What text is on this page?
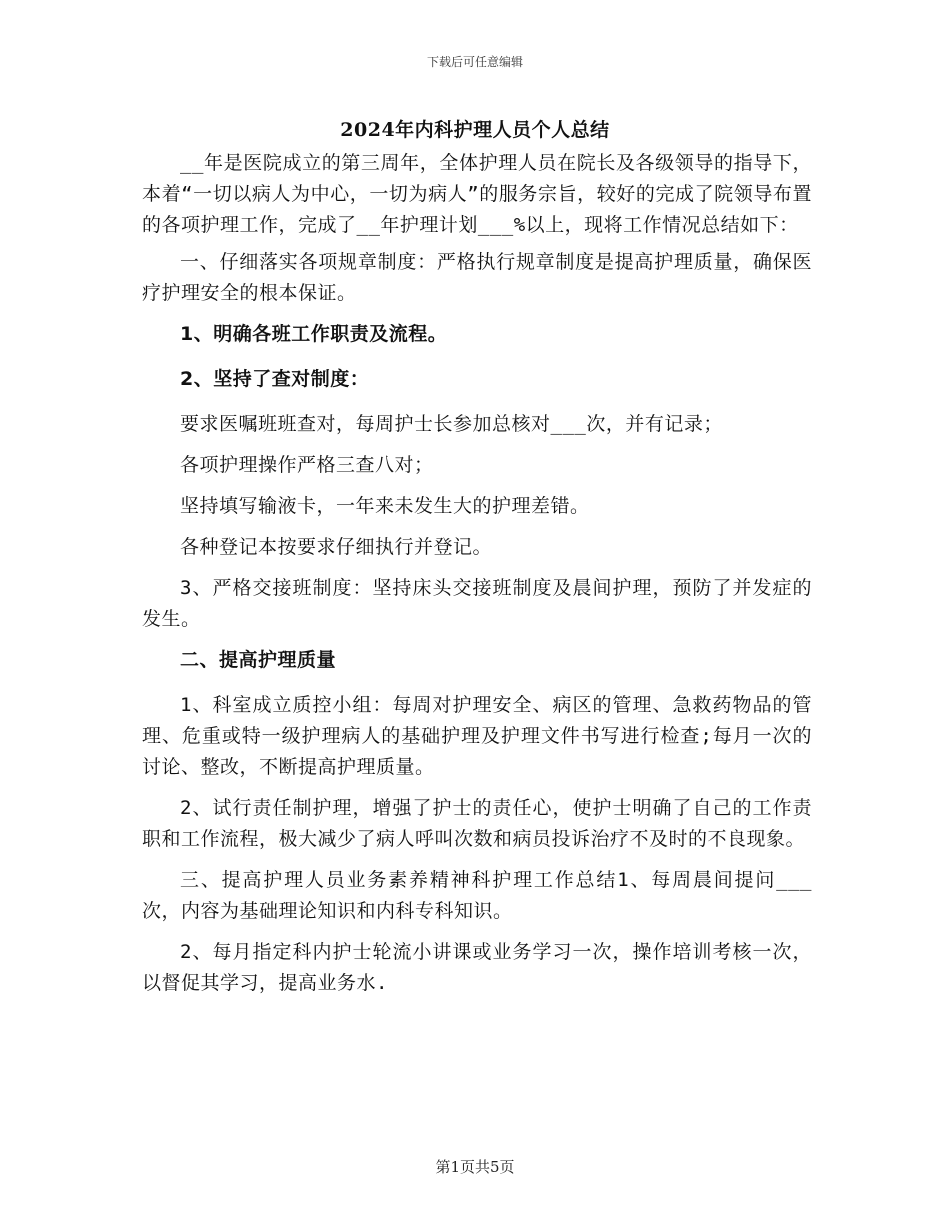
下载后可任意编辑
2024年内科护理人员个人总结

__年是医院成立的第三周年，全体护理人员在院长及各级领导的指导下，本着“一切以病人为中心，一切为病人”的服务宗旨，较好的完成了院领导布置的各项护理工作，完成了__年护理计划___%以上，现将工作情况总结如下：

一、仔细落实各项规章制度：严格执行规章制度是提高护理质量，确保医疗护理安全的根本保证。

1、明确各班工作职责及流程。

2、坚持了查对制度：

要求医嘱班班查对，每周护士长参加总核对___次，并有记录；

各项护理操作严格三查八对；

坚持填写输液卡，一年来未发生大的护理差错。

各种登记本按要求仔细执行并登记。

3、严格交接班制度：坚持床头交接班制度及晨间护理，预防了并发症的发生。

二、提高护理质量

1、科室成立质控小组：每周对护理安全、病区的管理、急救药物品的管理、危重或特一级护理病人的基础护理及护理文件书写进行检查;每月一次的讨论、整改，不断提高护理质量。

2、试行责任制护理，增强了护士的责任心，使护士明确了自己的工作责职和工作流程，极大减少了病人呼叫次数和病员投诉治疗不及时的不良现象。

三、提高护理人员业务素养精神科护理工作总结1、每周晨间提问___次，内容为基础理论知识和内科专科知识。

2、每月指定科内护士轮流小讲课或业务学习一次，操作培训考核一次，以督促其学习，提高业务水.

第1页共5页
